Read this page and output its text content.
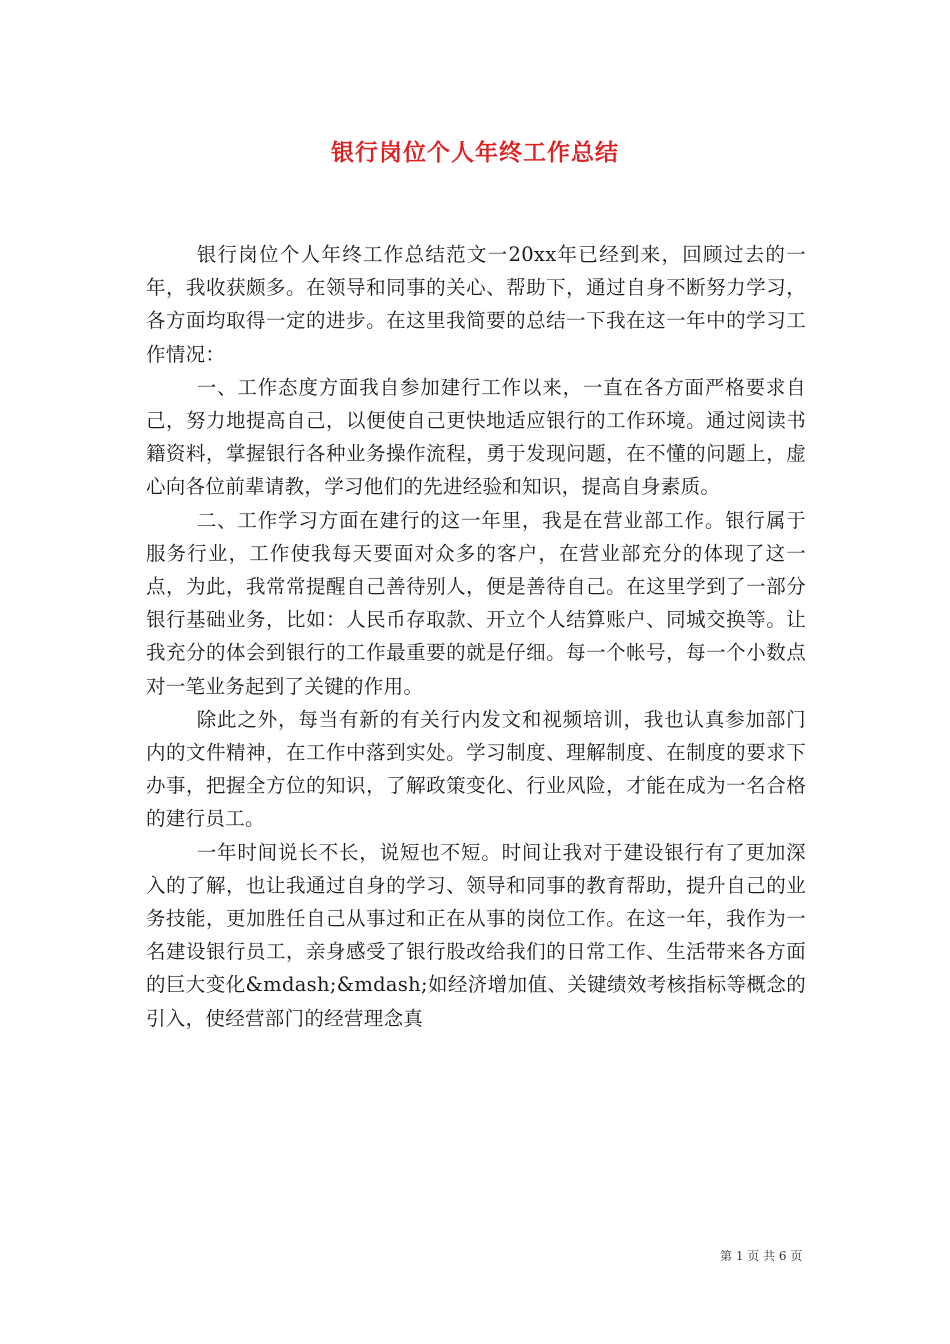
银行岗位个人年终工作总结

银行岗位个人年终工作总结范文一20xx年已经到来，回顾过去的一年，我收获颇多。在领导和同事的关心、帮助下，通过自身不断努力学习，各方面均取得一定的进步。在这里我简要的总结一下我在这一年中的学习工作情况：

一、工作态度方面我自参加建行工作以来，一直在各方面严格要求自己，努力地提高自己，以便使自己更快地适应银行的工作环境。通过阅读书籍资料，掌握银行各种业务操作流程，勇于发现问题，在不懂的问题上，虚心向各位前辈请教，学习他们的先进经验和知识，提高自身素质。

二、工作学习方面在建行的这一年里，我是在营业部工作。银行属于服务行业，工作使我每天要面对众多的客户，在营业部充分的体现了这一点，为此，我常常提醒自己善待别人，便是善待自己。在这里学到了一部分银行基础业务，比如：人民币存取款、开立个人结算账户、同城交换等。让我充分的体会到银行的工作最重要的就是仔细。每一个帐号，每一个小数点对一笔业务起到了关键的作用。

除此之外，每当有新的有关行内发文和视频培训，我也认真参加部门内的文件精神，在工作中落到实处。学习制度、理解制度、在制度的要求下办事，把握全方位的知识，了解政策变化、行业风险，才能在成为一名合格的建行员工。

一年时间说长不长，说短也不短。时间让我对于建设银行有了更加深入的了解，也让我通过自身的学习、领导和同事的教育帮助，提升自己的业务技能，更加胜任自己从事过和正在从事的岗位工作。在这一年，我作为一名建设银行员工，亲身感受了银行股改给我们的日常工作、生活带来各方面的巨大变化&mdash;&mdash;如经济增加值、关键绩效考核指标等概念的引入，使经营部门的经营理念真

第 1 页 共 6 页
